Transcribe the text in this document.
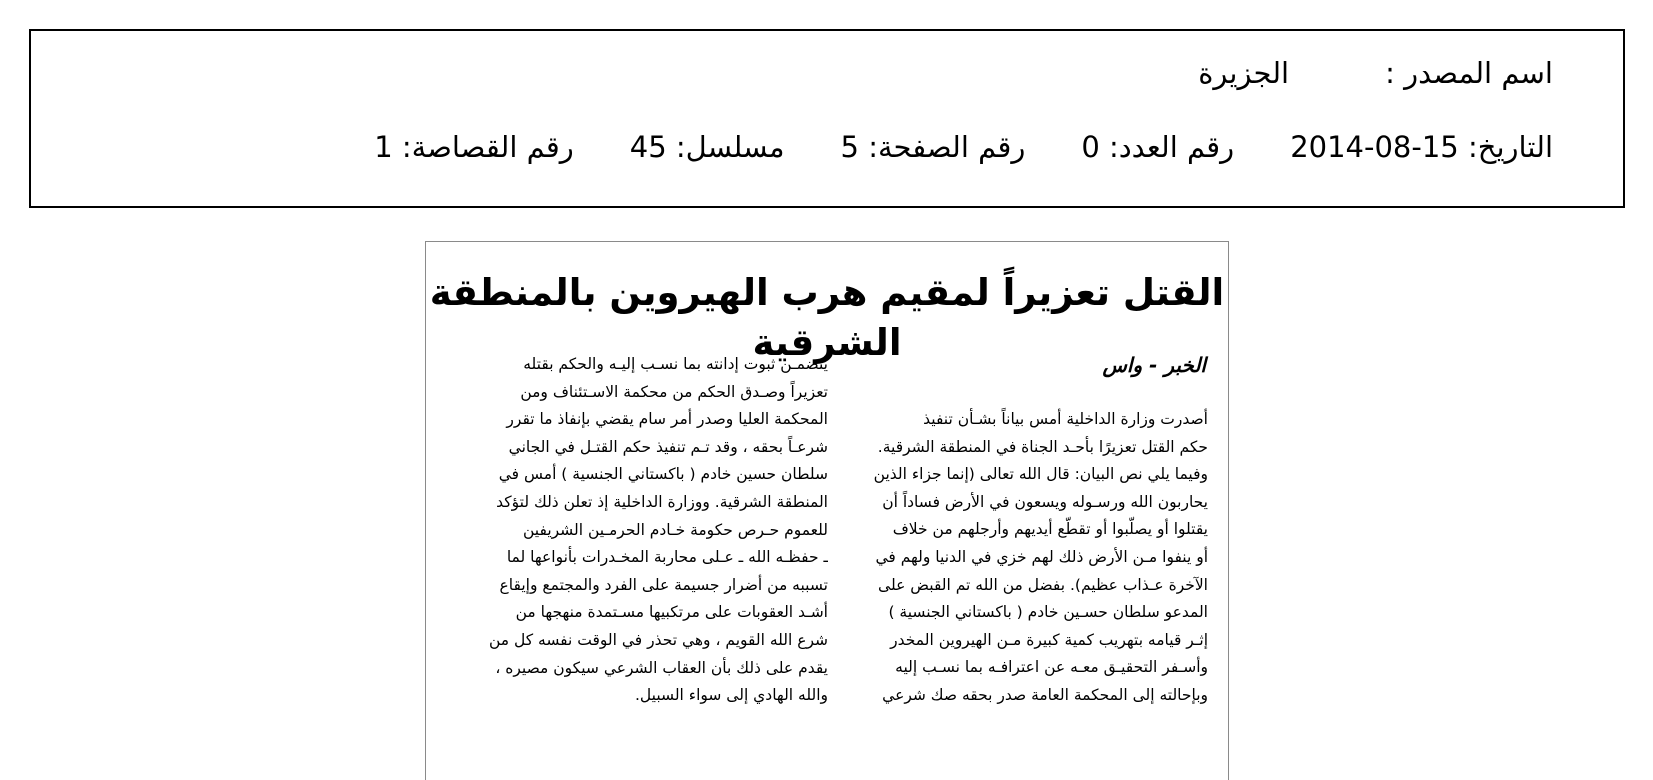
اسم المصدر :الجزيرة
التاريخ: 2014-08-15رقم العدد: 0رقم الصفحة: 5مسلسل: 45رقم القصاصة: 1
القتل تعزيراً لمقيم هرب الهيروين بالمنطقة الشرقية
الخبر - واس
أصدرت وزارة الداخلية أمس بياناً بشـأن تنفيذ
حكم القتل تعزيرًا بأحـد الجناة في المنطقة الشرقية.
وفيما يلي نص البيان: قال الله تعالى (إنما جزاء الذين
يحاربون الله ورسـوله ويسعون في الأرض فساداً أن
يقتلوا أو يصلّبوا أو تقطّع أيديهم وأرجلهم من خلاف
أو ينفوا مـن الأرض ذلك لهم خزي في الدنيا ولهم في
الآخرة عـذاب عظيم). بفضل من الله تم القبض على
المدعو سلطان حسـين خادم ( باكستاني الجنسية )
إثـر قيامه بتهريب كمية كبيرة مـن الهيروين المخدر
وأسـفر التحقيـق معـه عن اعترافـه بما نسـب إليه
وبإحالته إلى المحكمة العامة صدر بحقه صك شرعي
يتضمـن ثبوت إدانته بما نسـب إليـه والحكم بقتله
تعزيراً وصـدق الحكم من محكمة الاسـتئناف ومن
المحكمة العليا وصدر أمر سام يقضي بإنفاذ ما تقرر
شرعـاً بحقه ، وقد تـم تنفيذ حكم القتـل في الجاني
سلطان حسين خادم ( باكستاني الجنسية ) أمس في
المنطقة الشرقية. ووزارة الداخلية إذ تعلن ذلك لتؤكد
للعموم حـرص حكومة خـادم الحرمـين الشريفين
ـ حفظـه الله ـ عـلى محاربة المخـدرات بأنواعها لما
تسببه من أضرار جسيمة على الفرد والمجتمع وإيقاع
أشـد العقوبات على مرتكبيها مسـتمدة منهجها من
شرع الله القويم ، وهي تحذر في الوقت نفسه كل من
يقدم على ذلك بأن العقاب الشرعي سيكون مصيره ،
والله الهادي إلى سواء السبيل.
